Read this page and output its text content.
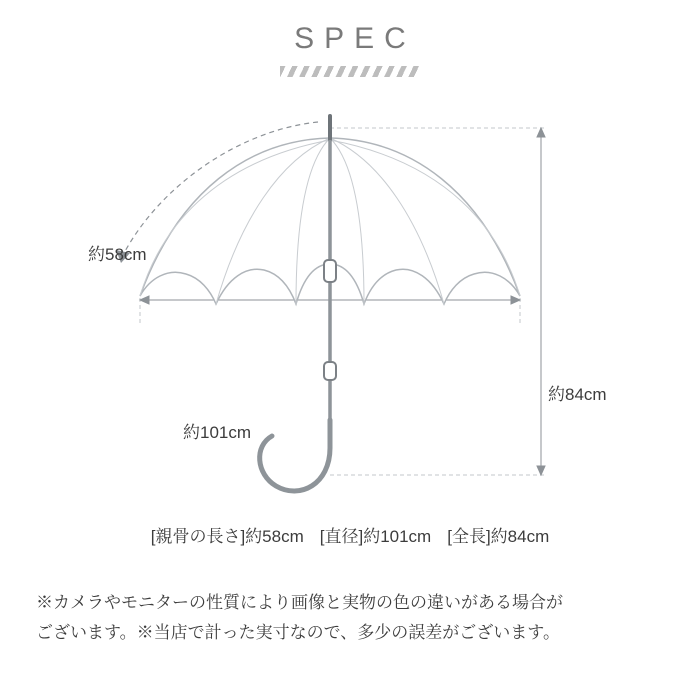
SPEC
約58cm
約101cm
約84cm
[親骨の長さ]約58cm [直径]約101cm [全長]約84cm
※カメラやモニターの性質により画像と実物の色の違いがある場合が
ございます。※当店で計った実寸なので、多少の誤差がございます。
